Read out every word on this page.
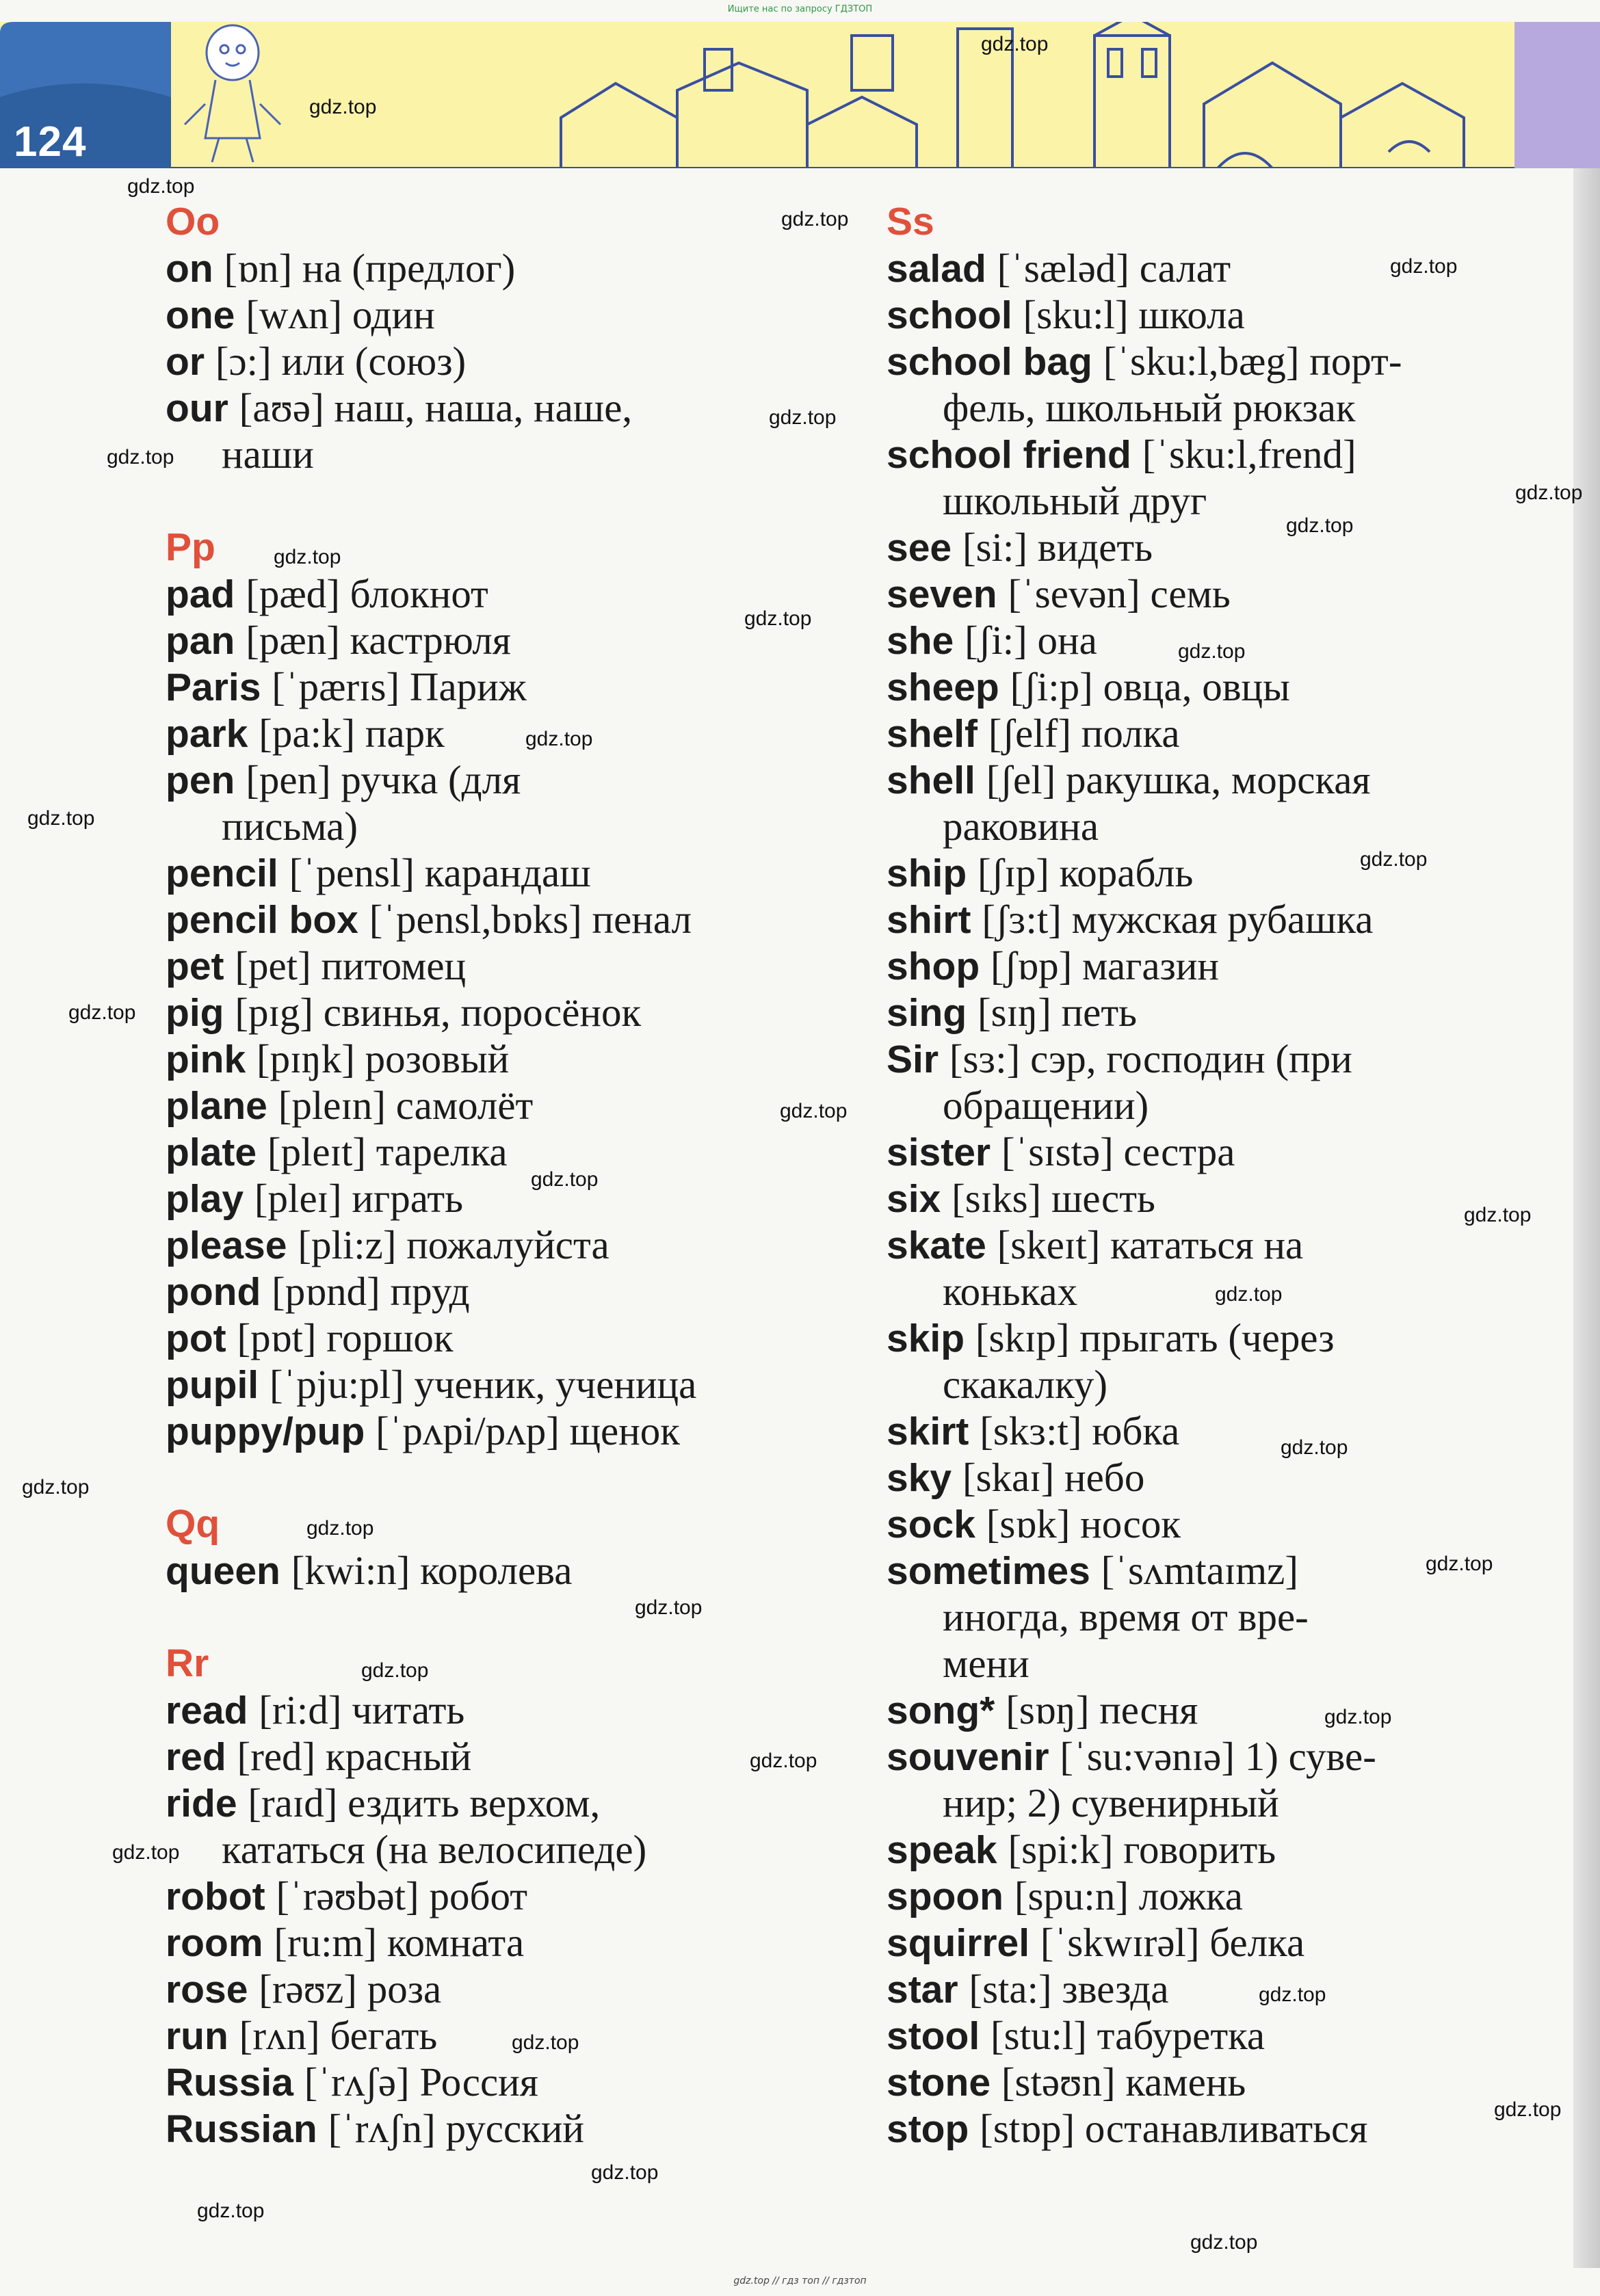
Ищите нас по запросу ГДЗТОП
124
Oo
on [ɒn] на (предлог)
one [wʌn] один
or [ɔ:] или (союз)
our [aʊə] наш, наша, наше,
наши
Pp
pad [pæd] блокнот
pan [pæn] кастрюля
Paris [ˈpærɪs] Париж
park [pa:k] парк
pen [pen] ручка (для
письма)
pencil [ˈpensl] карандаш
pencil box [ˈpensl,bɒks] пенал
pet [pet] питомец
pig [pɪg] свинья, поросёнок
pink [pɪŋk] розовый
plane [pleɪn] самолёт
plate [pleɪt] тарелка
play [pleɪ] играть
please [pli:z] пожалуйста
pond [pɒnd] пруд
pot [pɒt] горшок
pupil [ˈpju:pl] ученик, ученица
puppy/pup [ˈpʌpi/pʌp] щенок
Qq
queen [kwi:n] королева
Rr
read [ri:d] читать
red [red] красный
ride [raɪd] ездить верхом,
кататься (на велосипеде)
robot [ˈrəʊbət] робот
room [ru:m] комната
rose [rəʊz] роза
run [rʌn] бегать
Russia [ˈrʌʃə] Россия
Russian [ˈrʌʃn] русский
Ss
salad [ˈsæləd] салат
school [sku:l] школа
school bag [ˈsku:l,bæg] порт-
фель, школьный рюкзак
school friend [ˈsku:l,frend]
школьный друг
see [si:] видеть
seven [ˈsevən] семь
she [ʃi:] она
sheep [ʃi:p] овца, овцы
shelf [ʃelf] полка
shell [ʃel] ракушка, морская
раковина
ship [ʃɪp] корабль
shirt [ʃɜ:t] мужская рубашка
shop [ʃɒp] магазин
sing [sɪŋ] петь
Sir [sɜ:] сэр, господин (при
обращении)
sister [ˈsɪstə] сестра
six [sɪks] шесть
skate [skeɪt] кататься на
коньках
skip [skɪp] прыгать (через
скакалку)
skirt [skɜ:t] юбка
sky [skaɪ] небо
sock [sɒk] носок
sometimes [ˈsʌmtaɪmz]
иногда, время от вре-
мени
song* [sɒŋ] песня
souvenir [ˈsu:vənɪə] 1) суве-
нир; 2) сувенирный
speak [spi:k] говорить
spoon [spu:n] ложка
squirrel [ˈskwɪrəl] белка
star [sta:] звезда
stool [stu:l] табуретка
stone [stəʊn] камень
stop [stɒp] останавливаться
gdz.top
gdz.top
gdz.top
gdz.top
gdz.top
gdz.top
gdz.top
gdz.top
gdz.top
gdz.top
gdz.top
gdz.top
gdz.top
gdz.top
gdz.top
gdz.top
gdz.top
gdz.top
gdz.top
gdz.top
gdz.top
gdz.top
gdz.top
gdz.top
gdz.top
gdz.top
gdz.top
gdz.top
gdz.top
gdz.top
gdz.top
gdz.top
gdz.top
gdz.top
gdz.top
gdz.top // гдз топ // гдзтоп
